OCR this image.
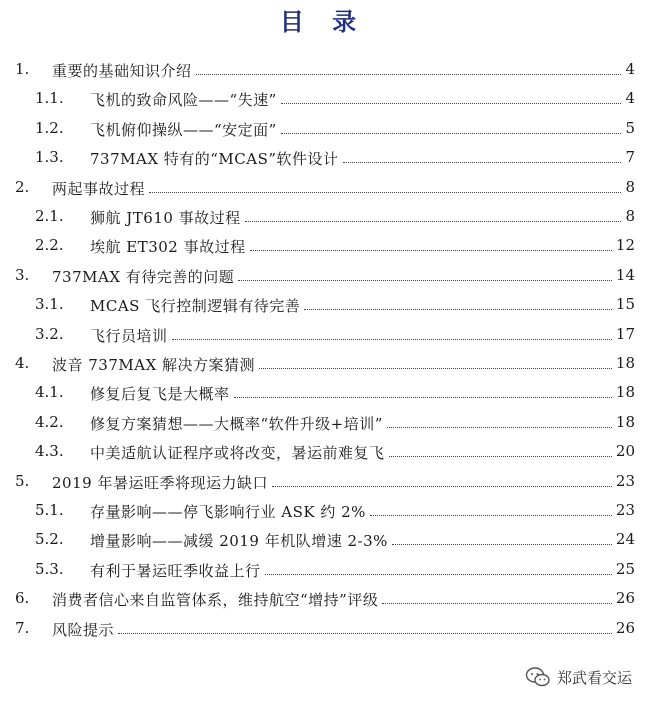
目 录
1. 重要的基础知识介绍	4
1.1. 飞机的致命风险——“失速”	4
1.2. 飞机俯仰操纵——“安定面”	5
1.3. 737MAX 特有的“MCAS”软件设计	7
2. 两起事故过程	8
2.1. 狮航 JT610 事故过程	8
2.2. 埃航 ET302 事故过程	12
3. 737MAX 有待完善的问题	14
3.1. MCAS 飞行控制逻辑有待完善	15
3.2. 飞行员培训	17
4. 波音 737MAX 解决方案猜测	18
4.1. 修复后复飞是大概率	18
4.2. 修复方案猜想——大概率“软件升级+培训”	18
4.3. 中美适航认证程序或将改变，暑运前难复飞	20
5. 2019 年暑运旺季将现运力缺口	23
5.1. 存量影响——停飞影响行业 ASK 约 2%	23
5.2. 增量影响——减缓 2019 年机队增速 2-3%	24
5.3. 有利于暑运旺季收益上行	25
6. 消费者信心来自监管体系，维持航空“增持”评级	26
7. 风险提示	26
郑武看交运
